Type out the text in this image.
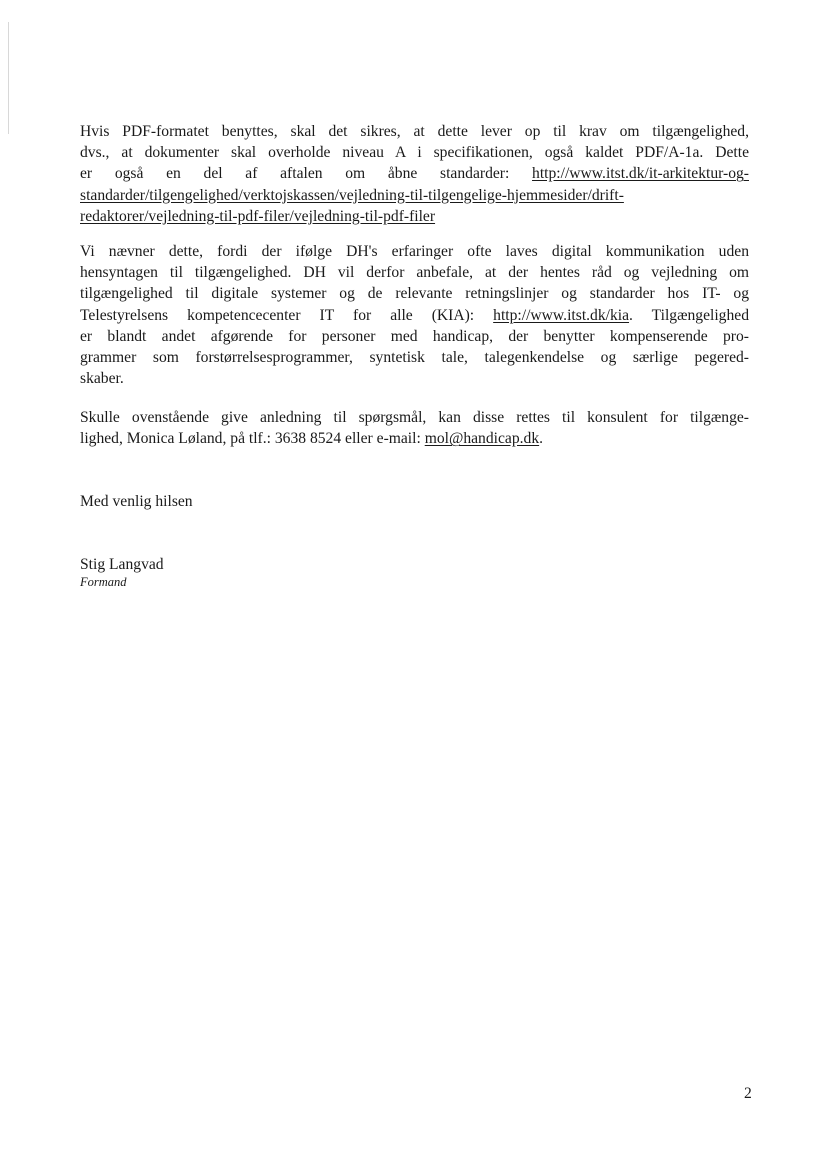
Hvis PDF-formatet benyttes, skal det sikres, at dette lever op til krav om tilgængelighed,
dvs., at dokumenter skal overholde niveau A i specifikationen, også kaldet PDF/A-1a. Dette
er også en del af aftalen om åbne standarder: http://www.itst.dk/it-arkitektur-og-
standarder/tilgengelighed/verktojskassen/vejledning-til-tilgengelige-hjemmesider/drift-
redaktorer/vejledning-til-pdf-filer/vejledning-til-pdf-filer

Vi nævner dette, fordi der ifølge DH's erfaringer ofte laves digital kommunikation uden
hensyntagen til tilgængelighed. DH vil derfor anbefale, at der hentes råd og vejledning om
tilgængelighed til digitale systemer og de relevante retningslinjer og standarder hos IT- og
Telestyrelsens kompetencecenter IT for alle (KIA): http://www.itst.dk/kia. Tilgængelighed
er blandt andet afgørende for personer med handicap, der benytter kompenserende pro-
grammer som forstørrelsesprogrammer, syntetisk tale, talegenkendelse og særlige pegered-
skaber.

Skulle ovenstående give anledning til spørgsmål, kan disse rettes til konsulent for tilgænge-
lighed, Monica Løland, på tlf.: 3638 8524 eller e-mail: mol@handicap.dk.

Med venlig hilsen

Stig Langvad

Formand

2
